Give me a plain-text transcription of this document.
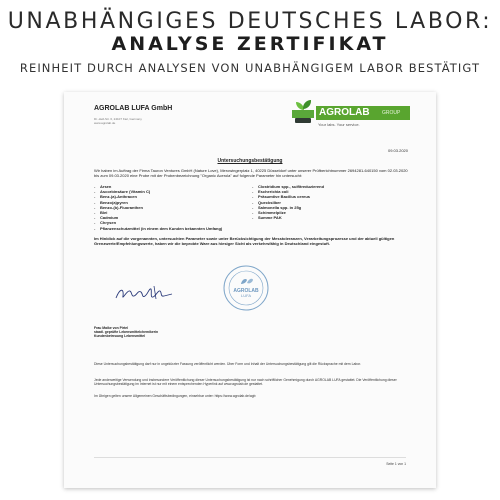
UNABHÄNGIGES DEUTSCHES LABOR:
ANALYSE ZERTIFIKAT
REINHEIT DURCH ANALYSEN VON UNABHÄNGIGEM LABOR BESTÄTIGT
AGROLAB LUFA GmbH
Dr.-Hell-Str. 6, 24107 Kiel, Germany
www.agrolab.de
AGROLAB GROUP
Your labs. Your service.
09.03.2020
Untersuchungsbestätigung
Wir haben im Auftrag der Firma Tauron Ventures GmbH (Nature Love), Merowingerplatz 1, 40225 Düsseldorf unter unserer Prüfberichtnummer 2694281-640150 vom 02.03.2020 bis zum 09.03.2020 eine Probe mit der Probenbezeichnung "Organic Acerola" auf folgende Parameter hin untersucht:
- Arsen
- Ascorbinsäure (Vitamin C)
- Benz-(a)-Anthracen
- Benzo(a)pyren
- Benzo-(b)-Fluoranthen
- Blei
- Cadmium
- Chrysen
- Pflanzenschutzmittel (in einem dem Kunden bekannten Umfang)
- Clostridium spp., sulfitreduzierend
- Escherichia coli
- Präsumtive Bacillus cereus
- Quecksilber
- Salmonella spp. in 25g
- Schimmelpilze
- Summe PAK
Im Hinblick auf die vorgenannten, untersuchten Parameter sowie unter Berücksichtigung der Messtoleranzen, Verarbeitungsprozesse und der aktuell gültigen Grenzwerte/Empfehlungswerte, haben wir die beprobte Ware aus hiesiger Sicht als verkehrsfähig in Deutschland eingestuft.
AGROLAB
LUFA
Frau Maike von Pirtel
staatl. geprüfte Lebensmittelchemikerin
Kundenbetreuung Lebensmittel
Diese Untersuchungsbestätigung darf nur in ungekürzter Fassung veröffentlicht werden. Über Form und Inhalt der Untersuchungsbestätigung gilt die Rücksprache mit dem Labor.
Jede anderweitige Verwendung und insbesondere Veröffentlichung dieser Untersuchungsbestätigung ist nur nach schriftlicher Genehmigung durch AGROLAB LUFA gestattet. Die Veröffentlichung dieser Untersuchungsbestätigung im Internet ist nur mit einem entsprechenden Hyperlink auf www.agrolab.de gestattet.
Im Übrigen gelten unsere Allgemeinen Geschäftsbedingungen, einsehbar unter: https://www.agrolab.de/agb
Seite 1 von 1
